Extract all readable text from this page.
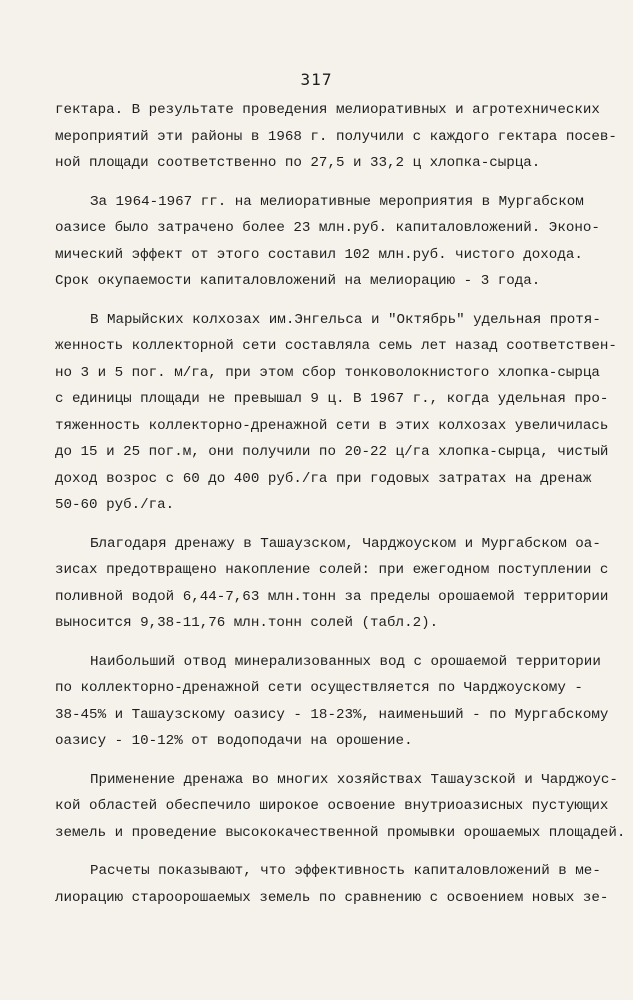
317
гектара. В результате проведения мелиоративных и агротехнических
мероприятий эти районы в 1968 г. получили с каждого гектара посев-
ной площади соответственно по 27,5 и 33,2 ц хлопка-сырца.
За 1964-1967 гг. на мелиоративные мероприятия в Мургабском
оазисе было затрачено более 23 млн.руб. капиталовложений. Эконо-
мический эффект от этого составил 102 млн.руб. чистого дохода.
Срок окупаемости капиталовложений на мелиорацию - 3 года.
В Марыйских колхозах им.Энгельса и "Октябрь" удельная протя-
женность коллекторной сети составляла семь лет назад соответствен-
но 3 и 5 пог. м/га, при этом сбор тонковолокнистого хлопка-сырца
с единицы площади не превышал 9 ц. В 1967 г., когда удельная про-
тяженность коллекторно-дренажной сети в этих колхозах увеличилась
до 15 и 25 пог.м, они получили по 20-22 ц/га хлопка-сырца, чистый
доход возрос с 60 до 400 руб./га при годовых затратах на дренаж
50-60 руб./га.
Благодаря дренажу в Ташаузском, Чарджоуском и Мургабском оа-
зисах предотвращено накопление солей: при ежегодном поступлении с
поливной водой 6,44-7,63 млн.тонн за пределы орошаемой территории
выносится 9,38-11,76 млн.тонн солей (табл.2).
Наибольший отвод минерализованных вод с орошаемой территории
по коллекторно-дренажной сети осуществляется по Чарджоускому -
38-45% и Ташаузскому оазису - 18-23%, наименьший - по Мургабскому
оазису - 10-12% от водоподачи на орошение.
Применение дренажа во многих хозяйствах Ташаузской и Чарджоус-
кой областей обеспечило широкое освоение внутриоазисных пустующих
земель и проведение высококачественной промывки орошаемых площадей.
Расчеты показывают, что эффективность капиталовложений в ме-
лиорацию староорошаемых земель по сравнению с освоением новых зе-
